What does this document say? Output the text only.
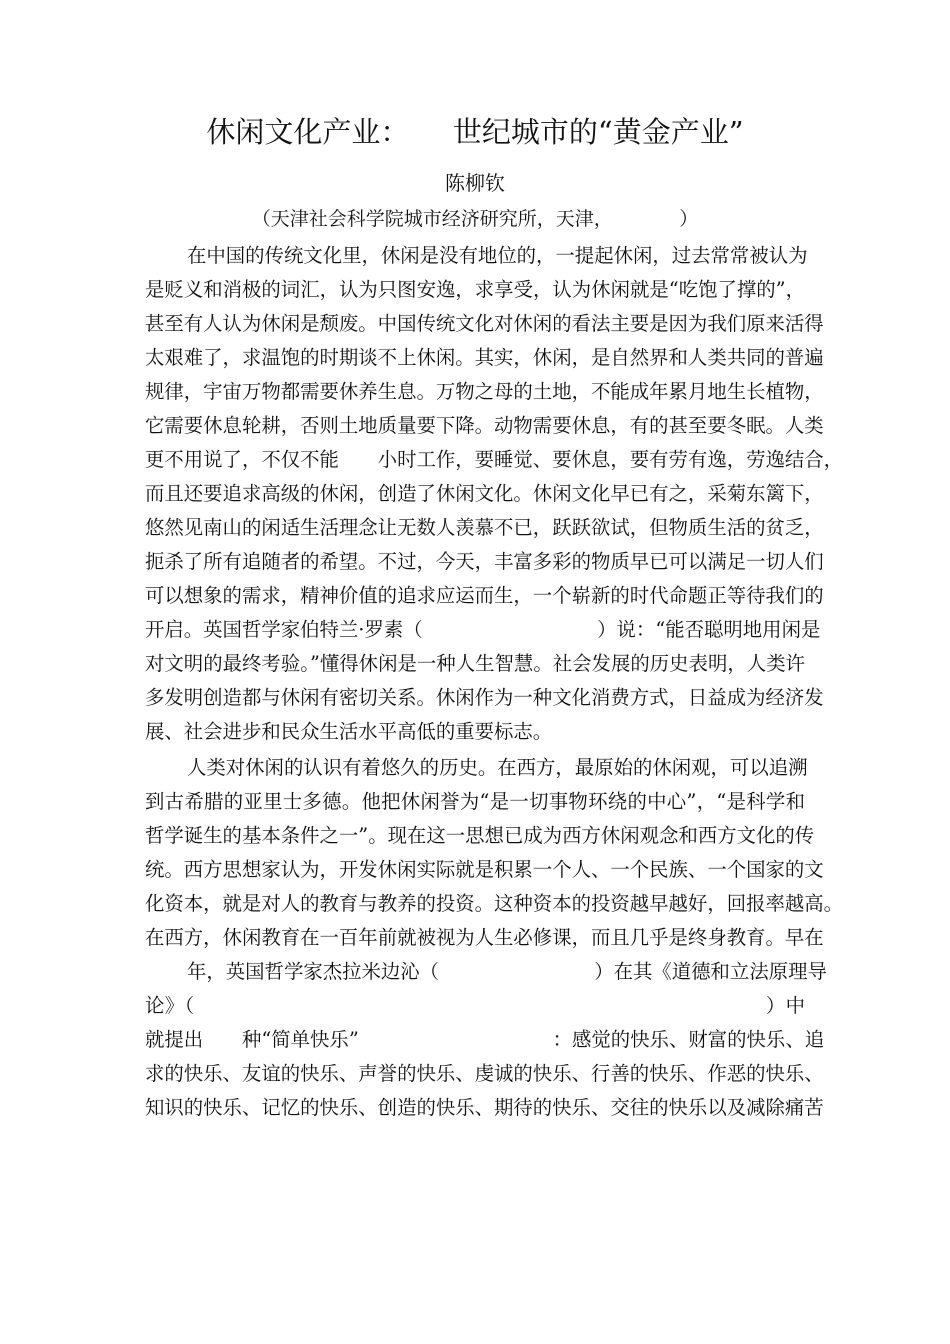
休闲文化产业：　　世纪城市的“黄金产业”
陈柳钦
（天津社会科学院城市经济研究所，天津，　　　　）
在中国的传统文化里，休闲是没有地位的，一提起休闲，过去常常被认为
是贬义和消极的词汇，认为只图安逸，求享受，认为休闲就是“吃饱了撑的”，
甚至有人认为休闲是颓废。中国传统文化对休闲的看法主要是因为我们原来活得
太艰难了，求温饱的时期谈不上休闲。其实，休闲，是自然界和人类共同的普遍
规律，宇宙万物都需要休养生息。万物之母的土地，不能成年累月地生长植物，
它需要休息轮耕，否则土地质量要下降。动物需要休息，有的甚至要冬眠。人类
更不用说了，不仅不能　　小时工作，要睡觉、要休息，要有劳有逸，劳逸结合，
而且还要追求高级的休闲，创造了休闲文化。休闲文化早已有之，采菊东篱下，
悠然见南山的闲适生活理念让无数人羡慕不已，跃跃欲试，但物质生活的贫乏，
扼杀了所有追随者的希望。不过，今天，丰富多彩的物质早已可以满足一切人们
可以想象的需求，精神价值的追求应运而生，一个崭新的时代命题正等待我们的
开启。英国哲学家伯特兰·罗素（　　　　　　　　　）说：“能否聪明地用闲是
对文明的最终考验。”懂得休闲是一种人生智慧。社会发展的历史表明，人类许
多发明创造都与休闲有密切关系。休闲作为一种文化消费方式，日益成为经济发
展、社会进步和民众生活水平高低的重要标志。
人类对休闲的认识有着悠久的历史。在西方，最原始的休闲观，可以追溯
到古希腊的亚里士多德。他把休闲誉为“是一切事物环绕的中心”，“是科学和
哲学诞生的基本条件之一”。现在这一思想已成为西方休闲观念和西方文化的传
统。西方思想家认为，开发休闲实际就是积累一个人、一个民族、一个国家的文
化资本，就是对人的教育与教养的投资。这种资本的投资越早越好，回报率越高。
在西方，休闲教育在一百年前就被视为人生必修课，而且几乎是终身教育。早在
年，英国哲学家杰拉米边沁（　　　　　　　　）在其《道德和立法原理导
论》（　　　　　　　　　　　　　　　　　　　　　　　　　　　　　）中
就提出　　种“简单快乐”　　　　　　　　　　：感觉的快乐、财富的快乐、追
求的快乐、友谊的快乐、声誉的快乐、虔诚的快乐、行善的快乐、作恶的快乐、
知识的快乐、记忆的快乐、创造的快乐、期待的快乐、交往的快乐以及减除痛苦
